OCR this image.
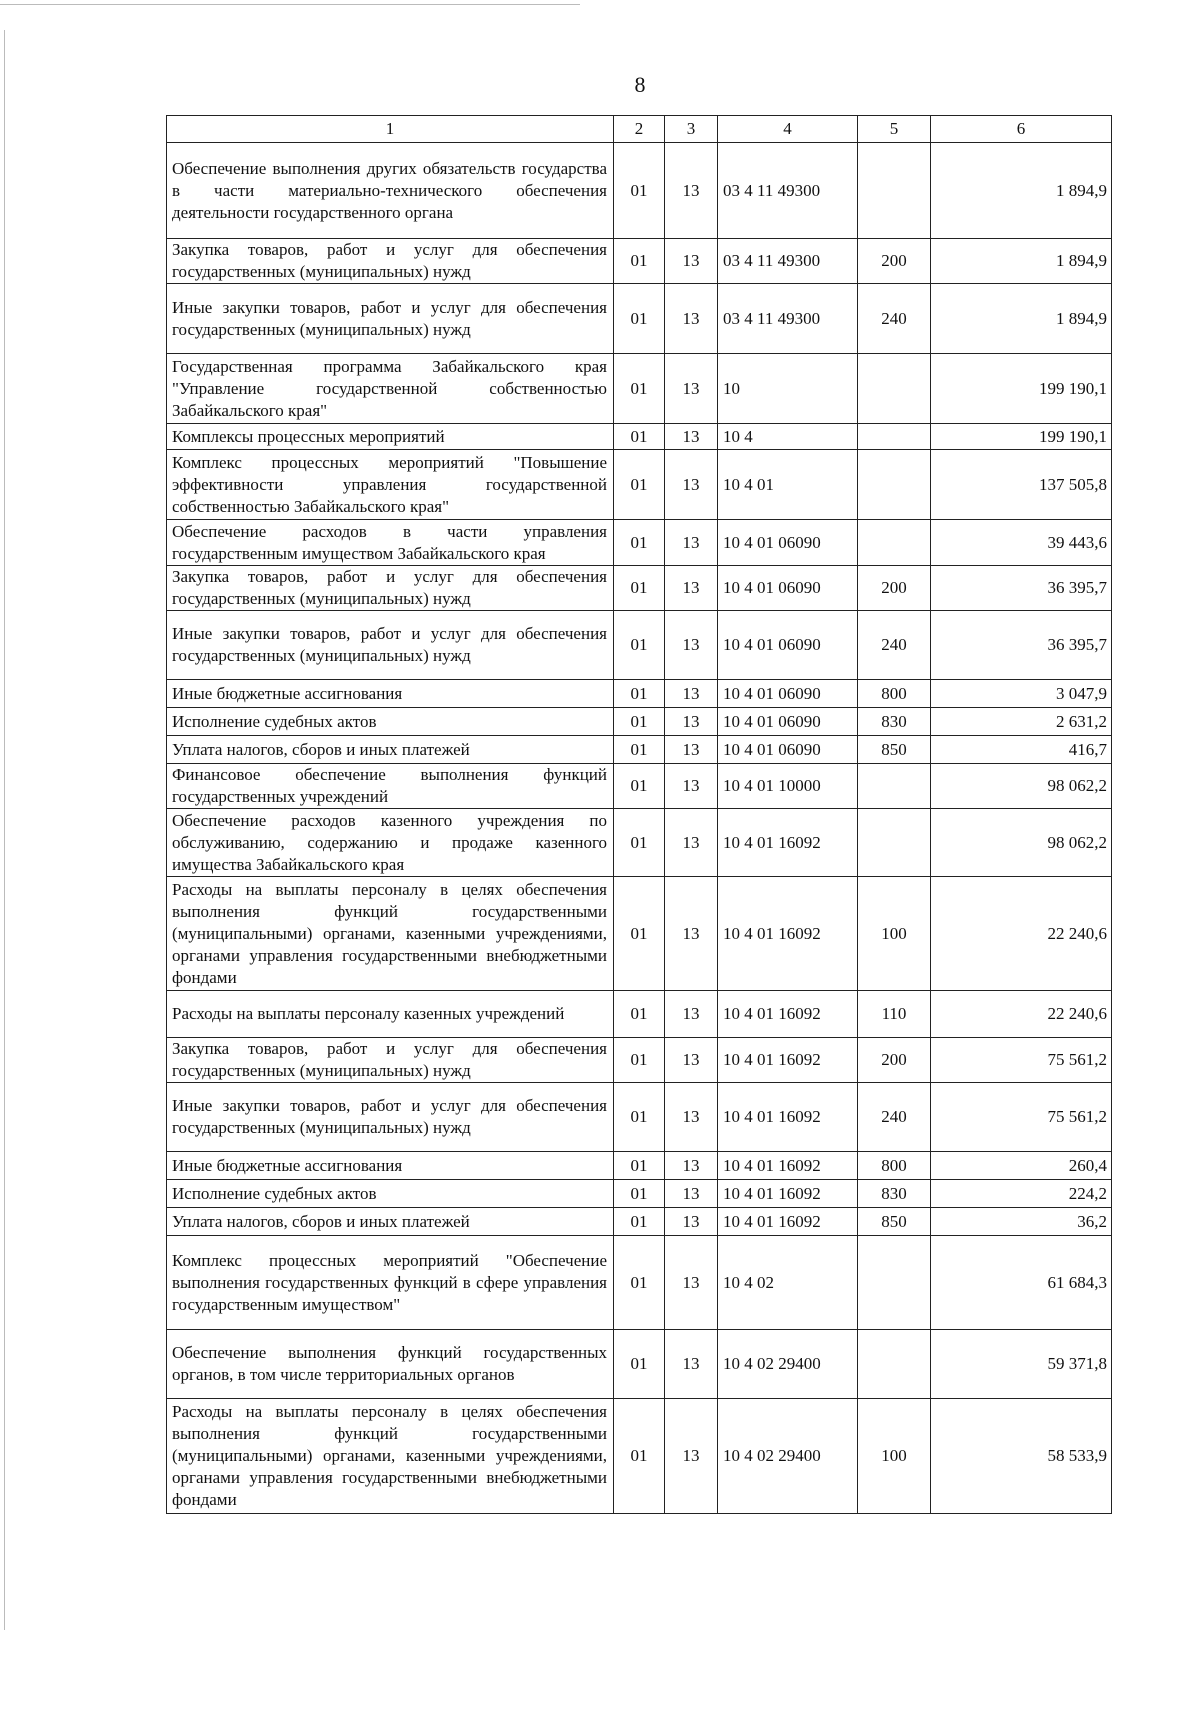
8
1	2	3	4	5	6
Обеспечение выполнения других обязательств государства в части материально-технического обеспечения деятельности государственного органа	01	13	03 4 11 49300		1 894,9
Закупка товаров, работ и услуг для обеспечения государственных (муниципальных) нужд	01	13	03 4 11 49300	200	1 894,9
Иные закупки товаров, работ и услуг для обеспечения государственных (муниципальных) нужд	01	13	03 4 11 49300	240	1 894,9
Государственная программа Забайкальского края "Управление государственной собственностью Забайкальского края"	01	13	10		199 190,1
Комплексы процессных мероприятий	01	13	10 4		199 190,1
Комплекс процессных мероприятий "Повышение эффективности управления государственной собственностью Забайкальского края"	01	13	10 4 01		137 505,8
Обеспечение расходов в части управления государственным имуществом Забайкальского края	01	13	10 4 01 06090		39 443,6
Закупка товаров, работ и услуг для обеспечения государственных (муниципальных) нужд	01	13	10 4 01 06090	200	36 395,7
Иные закупки товаров, работ и услуг для обеспечения государственных (муниципальных) нужд	01	13	10 4 01 06090	240	36 395,7
Иные бюджетные ассигнования	01	13	10 4 01 06090	800	3 047,9
Исполнение судебных актов	01	13	10 4 01 06090	830	2 631,2
Уплата налогов, сборов и иных платежей	01	13	10 4 01 06090	850	416,7
Финансовое обеспечение выполнения функций государственных учреждений	01	13	10 4 01 10000		98 062,2
Обеспечение расходов казенного учреждения по обслуживанию, содержанию и продаже казенного имущества Забайкальского края	01	13	10 4 01 16092		98 062,2
Расходы на выплаты персоналу в целях обеспечения выполнения функций государственными (муниципальными) органами, казенными учреждениями, органами управления государственными внебюджетными фондами	01	13	10 4 01 16092	100	22 240,6
Расходы на выплаты персоналу казенных учреждений	01	13	10 4 01 16092	110	22 240,6
Закупка товаров, работ и услуг для обеспечения государственных (муниципальных) нужд	01	13	10 4 01 16092	200	75 561,2
Иные закупки товаров, работ и услуг для обеспечения государственных (муниципальных) нужд	01	13	10 4 01 16092	240	75 561,2
Иные бюджетные ассигнования	01	13	10 4 01 16092	800	260,4
Исполнение судебных актов	01	13	10 4 01 16092	830	224,2
Уплата налогов, сборов и иных платежей	01	13	10 4 01 16092	850	36,2
Комплекс процессных мероприятий "Обеспечение выполнения государственных функций в сфере управления государственным имуществом"	01	13	10 4 02		61 684,3
Обеспечение выполнения функций государственных органов, в том числе территориальных органов	01	13	10 4 02 29400		59 371,8
Расходы на выплаты персоналу в целях обеспечения выполнения функций государственными (муниципальными) органами, казенными учреждениями, органами управления государственными внебюджетными фондами	01	13	10 4 02 29400	100	58 533,9
